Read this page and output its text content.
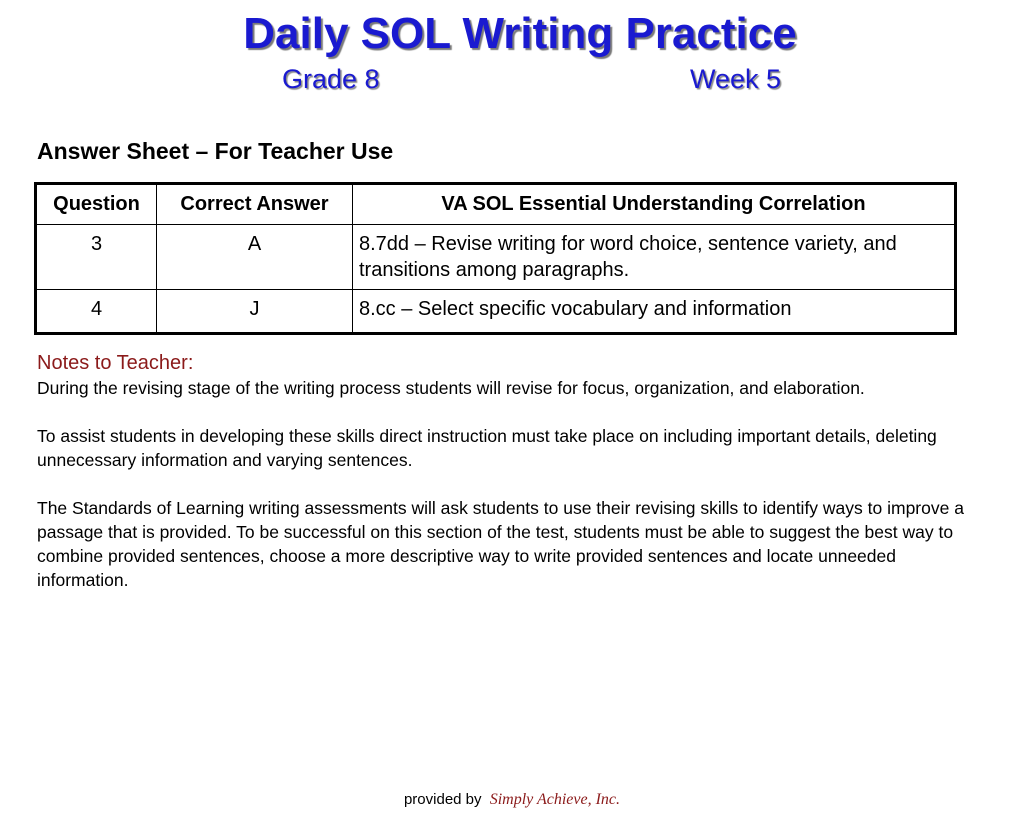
Daily SOL Writing Practice
Grade 8	Week 5
Answer Sheet – For Teacher Use
Question	Correct Answer	VA SOL Essential Understanding Correlation
3	A	8.7dd – Revise writing for word choice, sentence variety, and transitions among paragraphs.
4	J	8.cc – Select specific vocabulary and information
Notes to Teacher:

During the revising stage of the writing process students will revise for focus, organization, and elaboration.

To assist students in developing these skills direct instruction must take place on including important details, deleting unnecessary information and varying sentences.

The Standards of Learning writing assessments will ask students to use their revising skills to identify ways to improve a passage that is provided. To be successful on this section of the test, students must be able to suggest the best way to combine provided sentences, choose a more descriptive way to write provided sentences and locate unneeded information.

provided by Simply Achieve, Inc.
